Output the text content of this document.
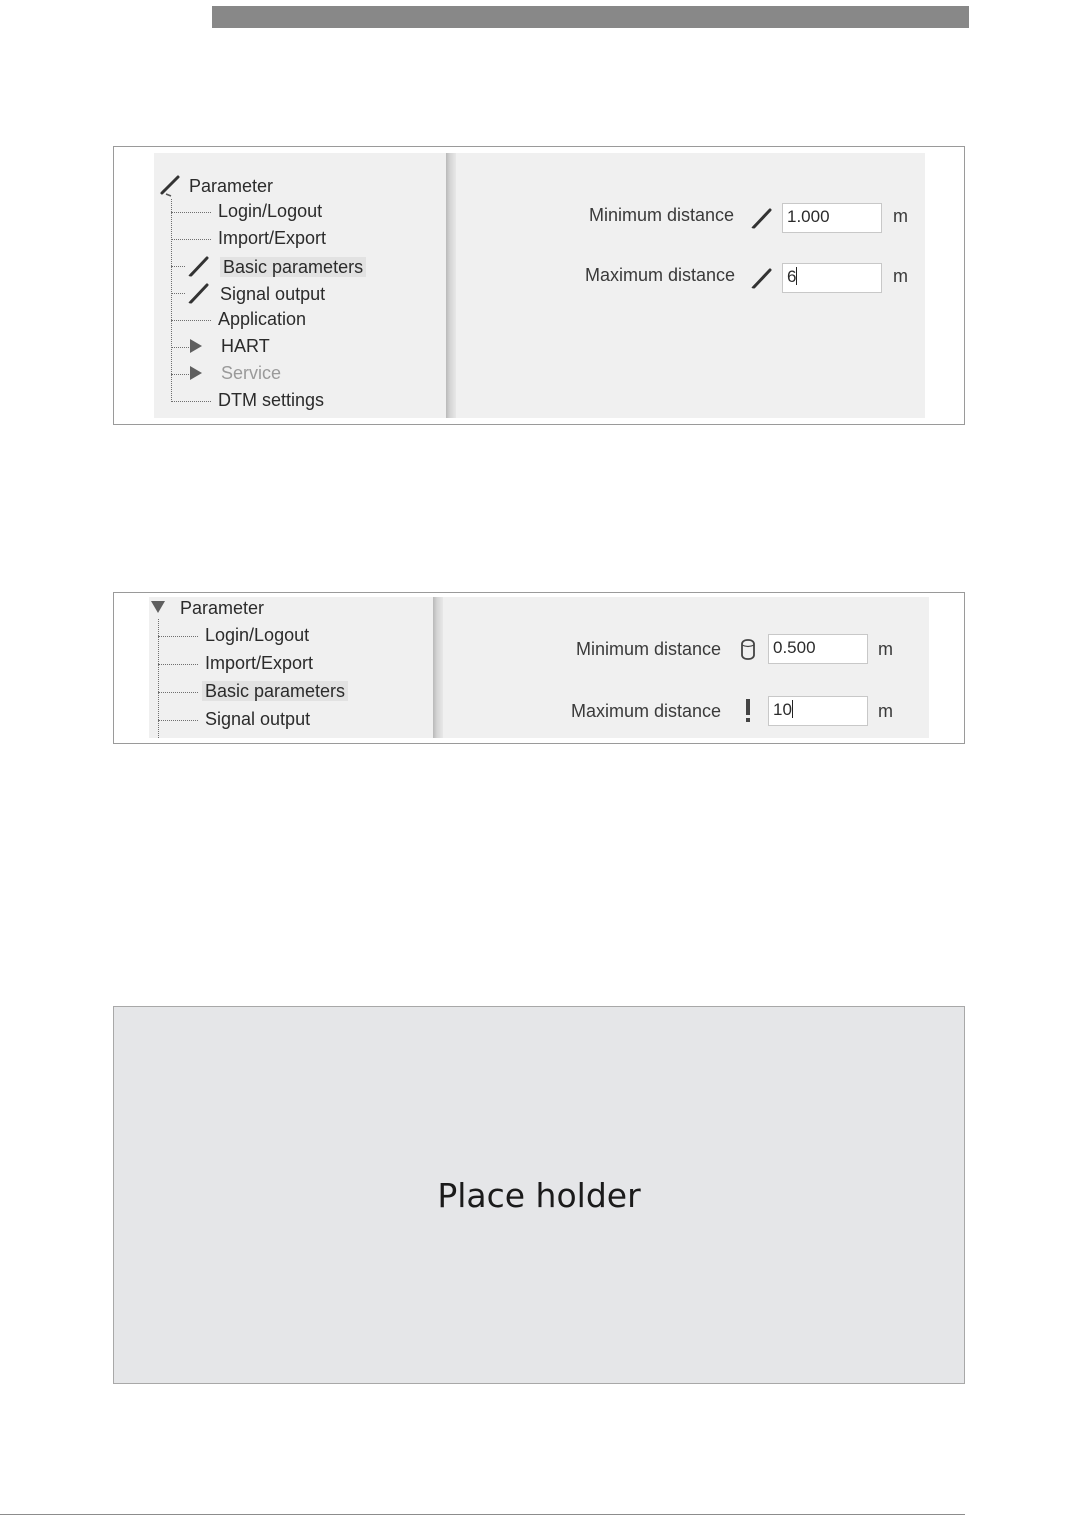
Parameter
Login/Logout
Import/Export
Basic parameters
Signal output
Application
HART
Service
DTM settings
Minimum distance	1.000	m
Maximum distance	6	m
Parameter
Login/Logout
Import/Export
Basic parameters
Signal output
Minimum distance	0.500	m
Maximum distance	10	m
Place holder
